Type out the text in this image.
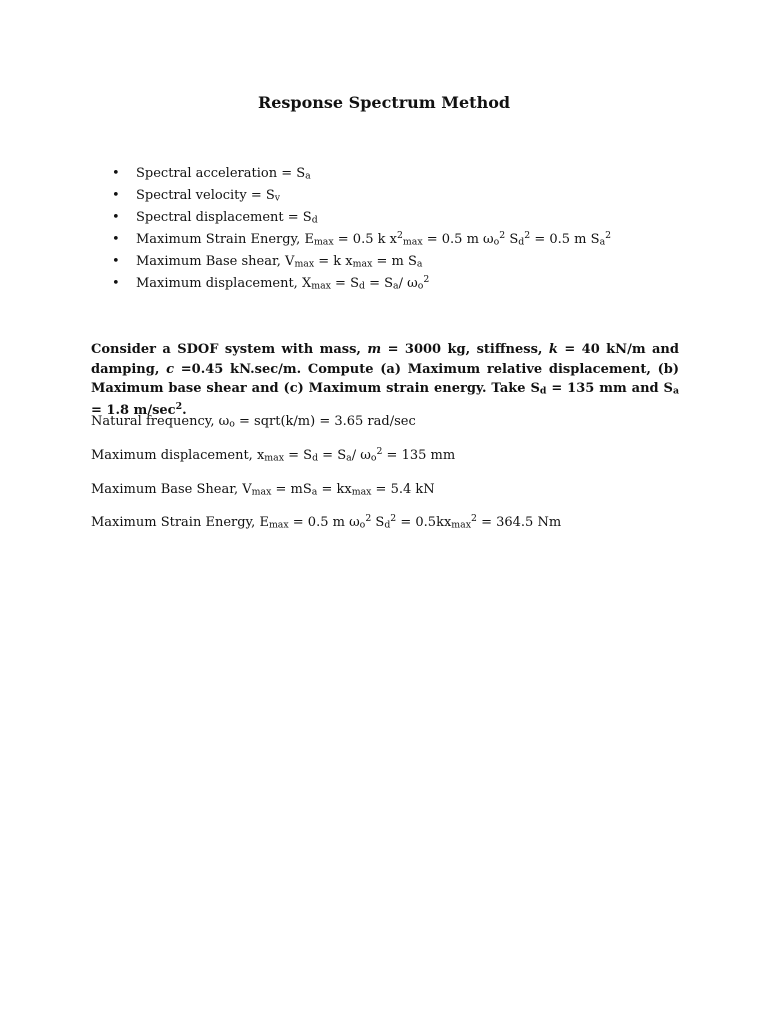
Response Spectrum Method
• Spectral acceleration = $S_a$
• Spectral velocity = $S_v$
• Spectral displacement = $S_d$
• Maximum Strain Energy, $E_{max} = 0.5$ k $x^2_{max} = 0.5$ m $\omega_o^2$ $S_d^2 = 0.5$ m $S_a^2$
• Maximum Base shear, $V_{max} = k$ $x_{max} = m$ $S_a$
• Maximum displacement, $X_{max} = S_d = S_a/$ $\omega_o^2$
Consider a SDOF system with mass, m = 3000 kg, stiffness, k = 40 kN/m and damping, c =0.45 kN.sec/m. Compute (a) Maximum relative displacement, (b) Maximum base shear and (c) Maximum strain energy. Take $S_d = 135$ mm and $S_a = 1.8$ $m/\sec^2$.
Natural frequency, $\omega_o$ = sqrt(k/m) = 3.65 rad/sec
Maximum displacement, $x_{max} = S_d = S_a/$ $\omega_o^2 = 135$ mm
Maximum Base Shear, $V_{max} = mS_a = kx_{max} = 5.4$ kN
Maximum Strain Energy, $E_{max} = 0.5$ m $\omega_o^2$ $S_d^2 = 0.5kx_{max}^2 = 364.5$ Nm
